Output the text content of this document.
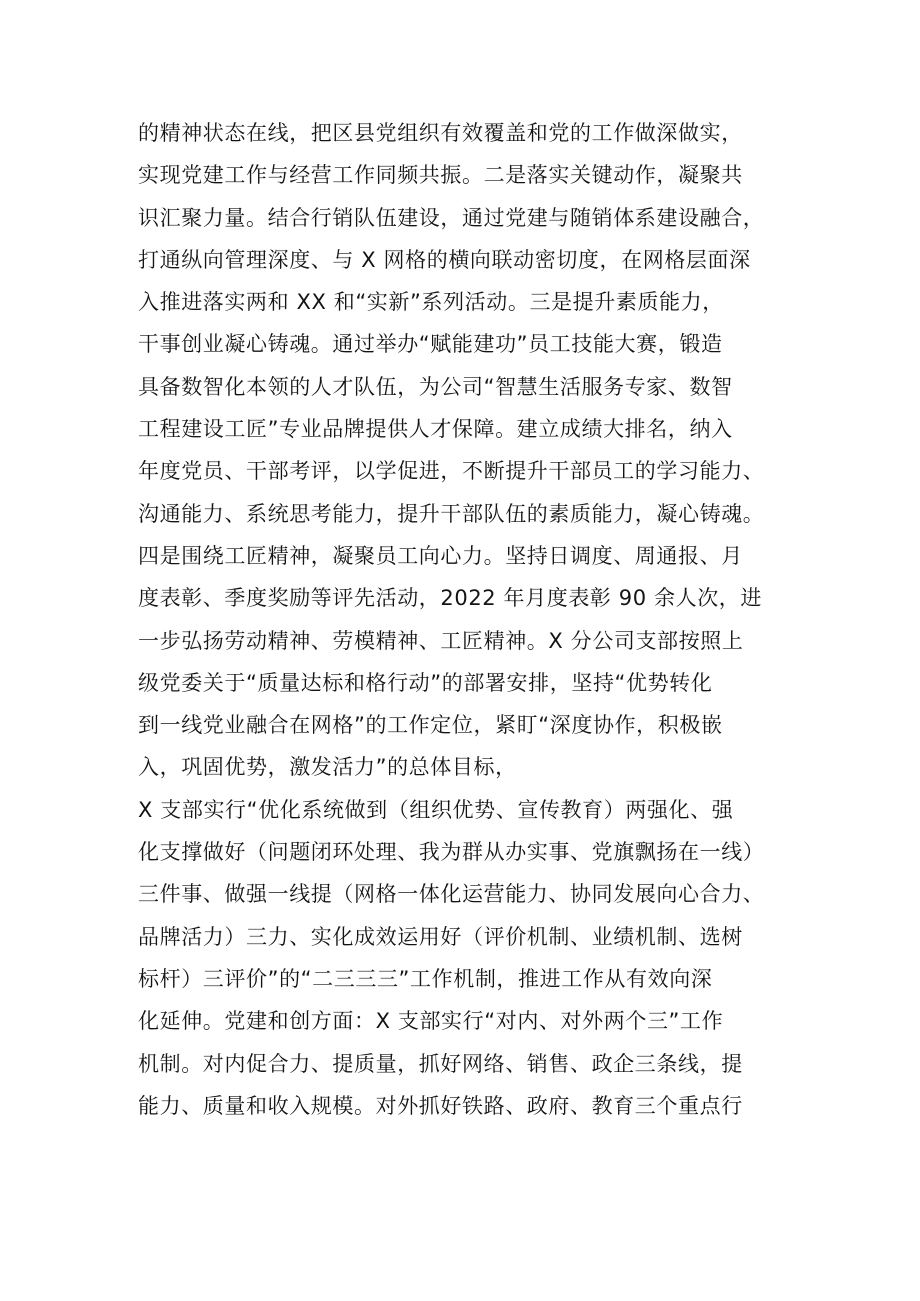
的精神状态在线，把区县党组织有效覆盖和党的工作做深做实，
实现党建工作与经营工作同频共振。二是落实关键动作，凝聚共
识汇聚力量。结合行销队伍建设，通过党建与随销体系建设融合，
打通纵向管理深度、与 X 网格的横向联动密切度，在网格层面深
入推进落实两和 XX 和“实新”系列活动。三是提升素质能力，
干事创业凝心铸魂。通过举办“赋能建功”员工技能大赛，锻造
具备数智化本领的人才队伍，为公司“智慧生活服务专家、数智
工程建设工匠”专业品牌提供人才保障。建立成绩大排名，纳入
年度党员、干部考评，以学促进，不断提升干部员工的学习能力、
沟通能力、系统思考能力，提升干部队伍的素质能力，凝心铸魂。
四是围绕工匠精神，凝聚员工向心力。坚持日调度、周通报、月
度表彰、季度奖励等评先活动，2022 年月度表彰 90 余人次，进
一步弘扬劳动精神、劳模精神、工匠精神。X 分公司支部按照上
级党委关于“质量达标和格行动”的部署安排，坚持“优势转化
到一线党业融合在网格”的工作定位，紧盯“深度协作，积极嵌
入，巩固优势，激发活力”的总体目标，
X 支部实行“优化系统做到（组织优势、宣传教育）两强化、强
化支撑做好（问题闭环处理、我为群从办实事、党旗飘扬在一线）
三件事、做强一线提（网格一体化运营能力、协同发展向心合力、
品牌活力）三力、实化成效运用好（评价机制、业绩机制、选树
标杆）三评价”的“二三三三”工作机制，推进工作从有效向深
化延伸。党建和创方面：X 支部实行“对内、对外两个三”工作
机制。对内促合力、提质量，抓好网络、销售、政企三条线，提
能力、质量和收入规模。对外抓好铁路、政府、教育三个重点行
